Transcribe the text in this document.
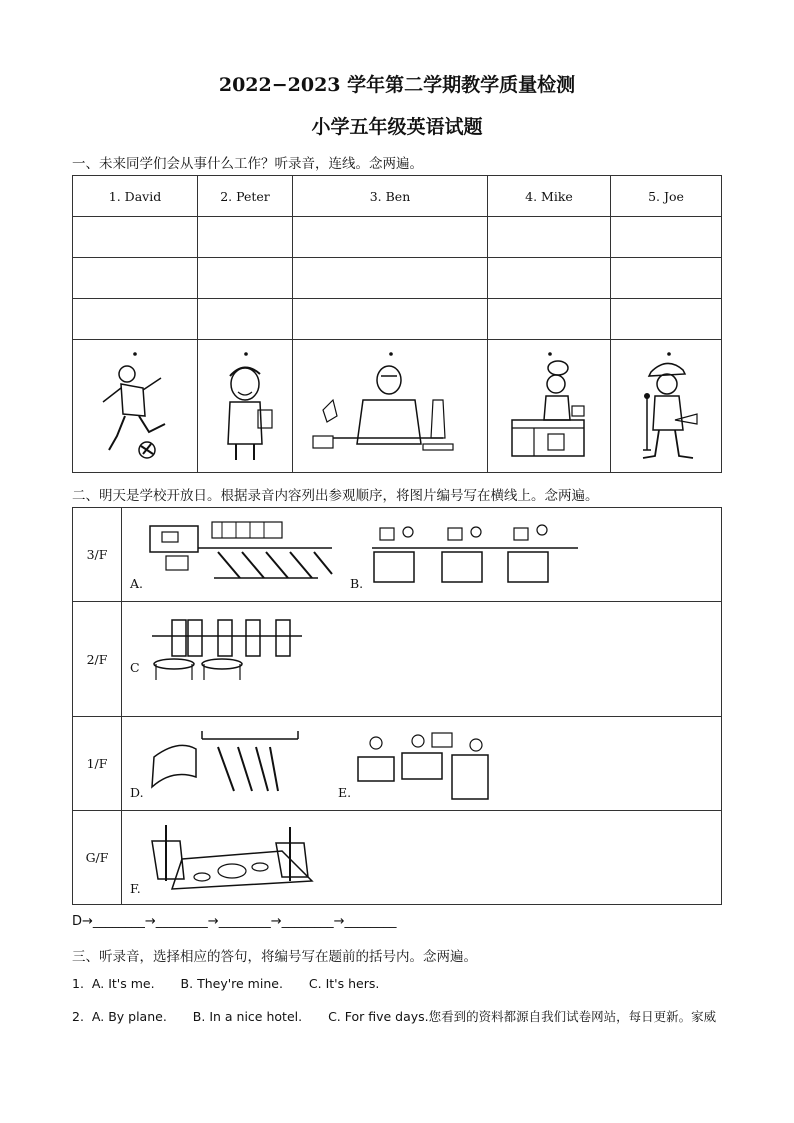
2022−2023 学年第二学期教学质量检测
小学五年级英语试题
一、未来同学们会从事什么工作？听录音，连线。念两遍。
1. David	2. Peter	3. Ben	4. Mike	5. Joe

二、明天是学校开放日。根据录音内容列出参观顺序，将图片编号写在横线上。念两遍。
3/F	A. B.

2/F	C

1/F	D. E.

G/F	F.
D→________→________→________→________→________
三、听录音，选择相应的答句，将编号写在题前的括号内。念两遍。
1. A. It's me. B. They're mine. C. It's hers.
2. A. By plane. B. In a nice hotel. C. For five days.您看到的资料都源自我们试卷网站，每日更新。家威
